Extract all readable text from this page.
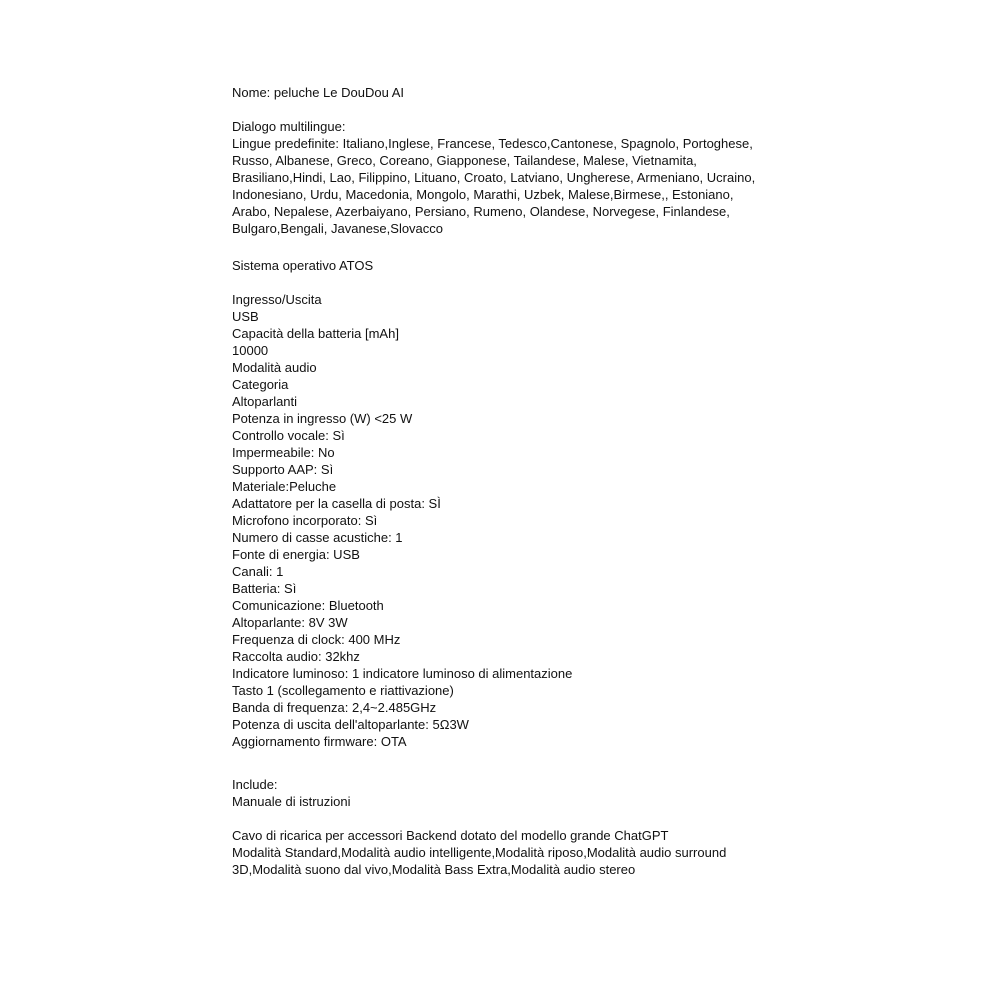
Nome: peluche Le DouDou AI
Dialogo multilingue:
Lingue predefinite: Italiano,Inglese, Francese, Tedesco,Cantonese, Spagnolo, Portoghese,
Russo, Albanese, Greco, Coreano, Giapponese, Tailandese, Malese, Vietnamita,
Brasiliano,Hindi, Lao, Filippino, Lituano, Croato, Latviano, Ungherese, Armeniano, Ucraino,
Indonesiano, Urdu, Macedonia, Mongolo, Marathi, Uzbek, Malese,Birmese,, Estoniano,
Arabo, Nepalese, Azerbaiyano, Persiano, Rumeno, Olandese, Norvegese, Finlandese,
Bulgaro,Bengali, Javanese,Slovacco
Sistema operativo ATOS
Ingresso/Uscita
USB
Capacità della batteria [mAh]
10000
Modalità audio
Categoria
Altoparlanti
Potenza in ingresso (W) <25 W
Controllo vocale: Sì
Impermeabile: No
Supporto AAP: Sì
Materiale:Peluche
Adattatore per la casella di posta: SÌ
Microfono incorporato: Sì
Numero di casse acustiche: 1
Fonte di energia: USB
Canali: 1
Batteria: Sì
Comunicazione: Bluetooth
Altoparlante: 8V 3W
Frequenza di clock: 400 MHz
Raccolta audio: 32khz
Indicatore luminoso: 1 indicatore luminoso di alimentazione
Tasto 1 (scollegamento e riattivazione)
Banda di frequenza: 2,4~2.485GHz
Potenza di uscita dell'altoparlante: 5Ω3W
Aggiornamento firmware: OTA
Include:
Manuale di istruzioni
Cavo di ricarica per accessori Backend dotato del modello grande ChatGPT
Modalità Standard,Modalità audio intelligente,Modalità riposo,Modalità audio surround
3D,Modalità suono dal vivo,Modalità Bass Extra,Modalità audio stereo
